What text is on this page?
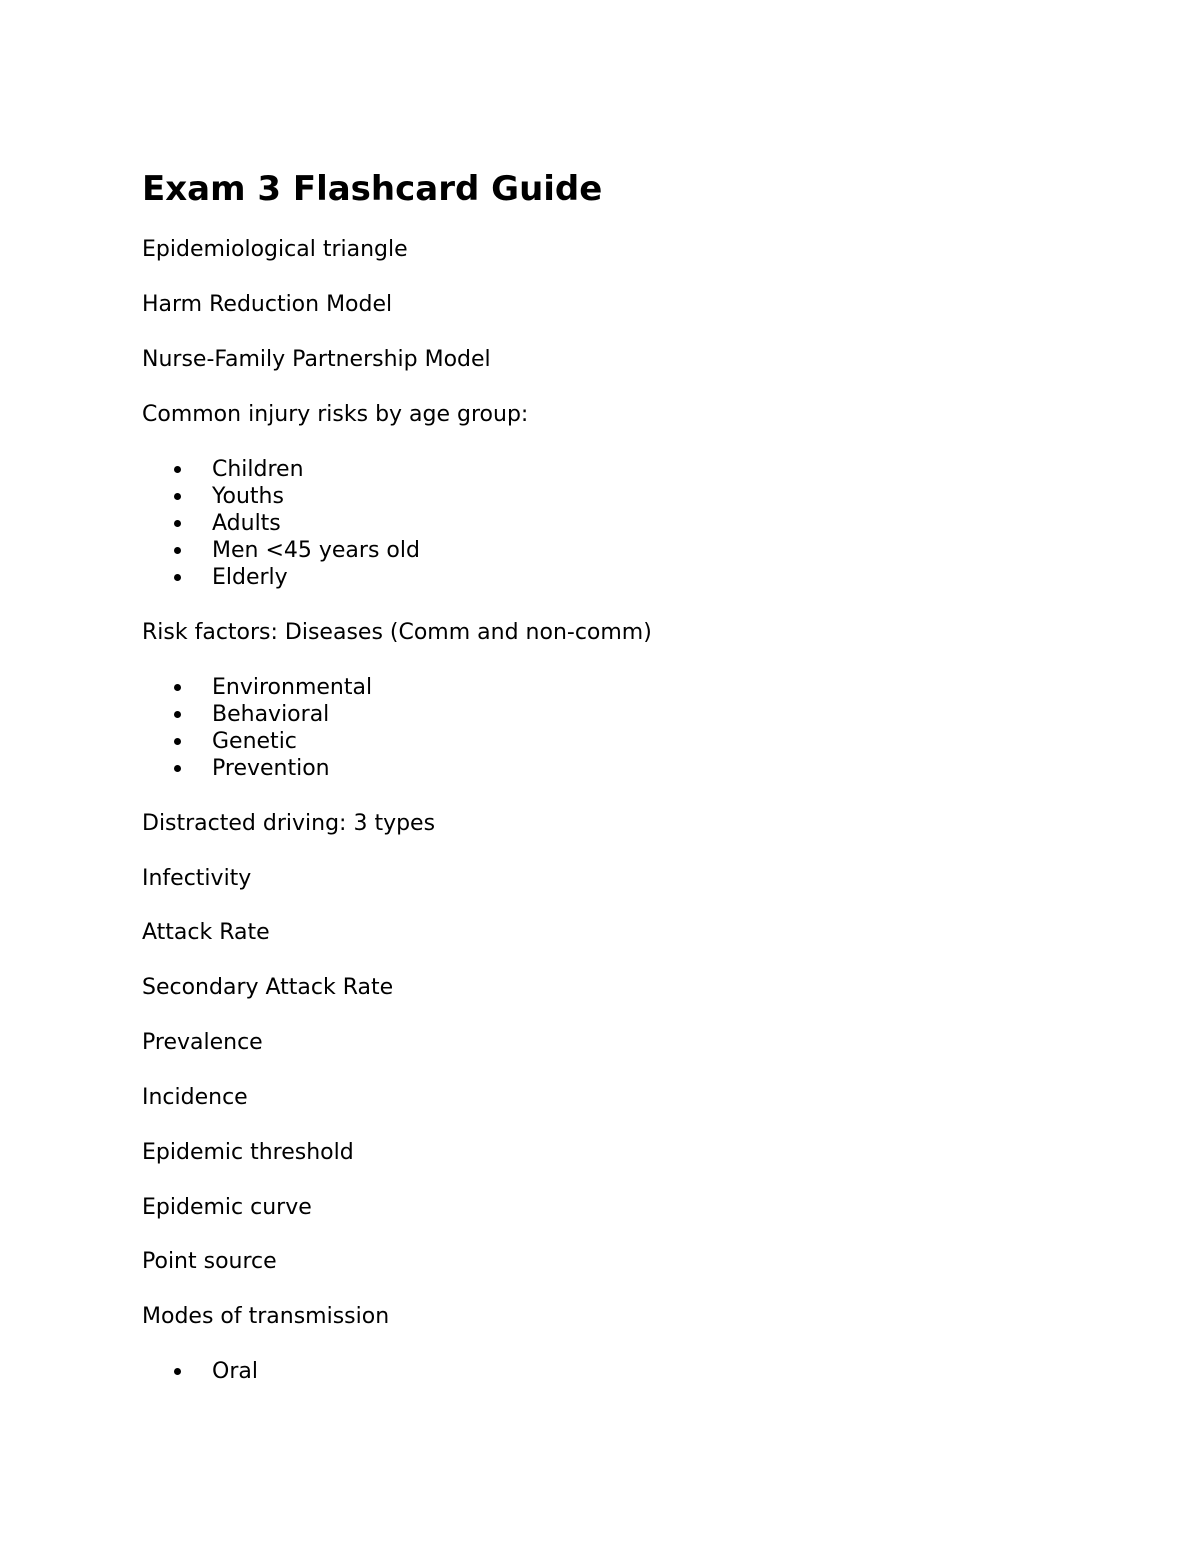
Exam 3 Flashcard Guide

Epidemiological triangle

Harm Reduction Model

Nurse-Family Partnership Model

Common injury risks by age group:

Children
Youths
Adults
Men <45 years old
Elderly

Risk factors: Diseases (Comm and non-comm)

Environmental
Behavioral
Genetic
Prevention

Distracted driving: 3 types

Infectivity

Attack Rate

Secondary Attack Rate

Prevalence

Incidence

Epidemic threshold

Epidemic curve

Point source

Modes of transmission

Oral
